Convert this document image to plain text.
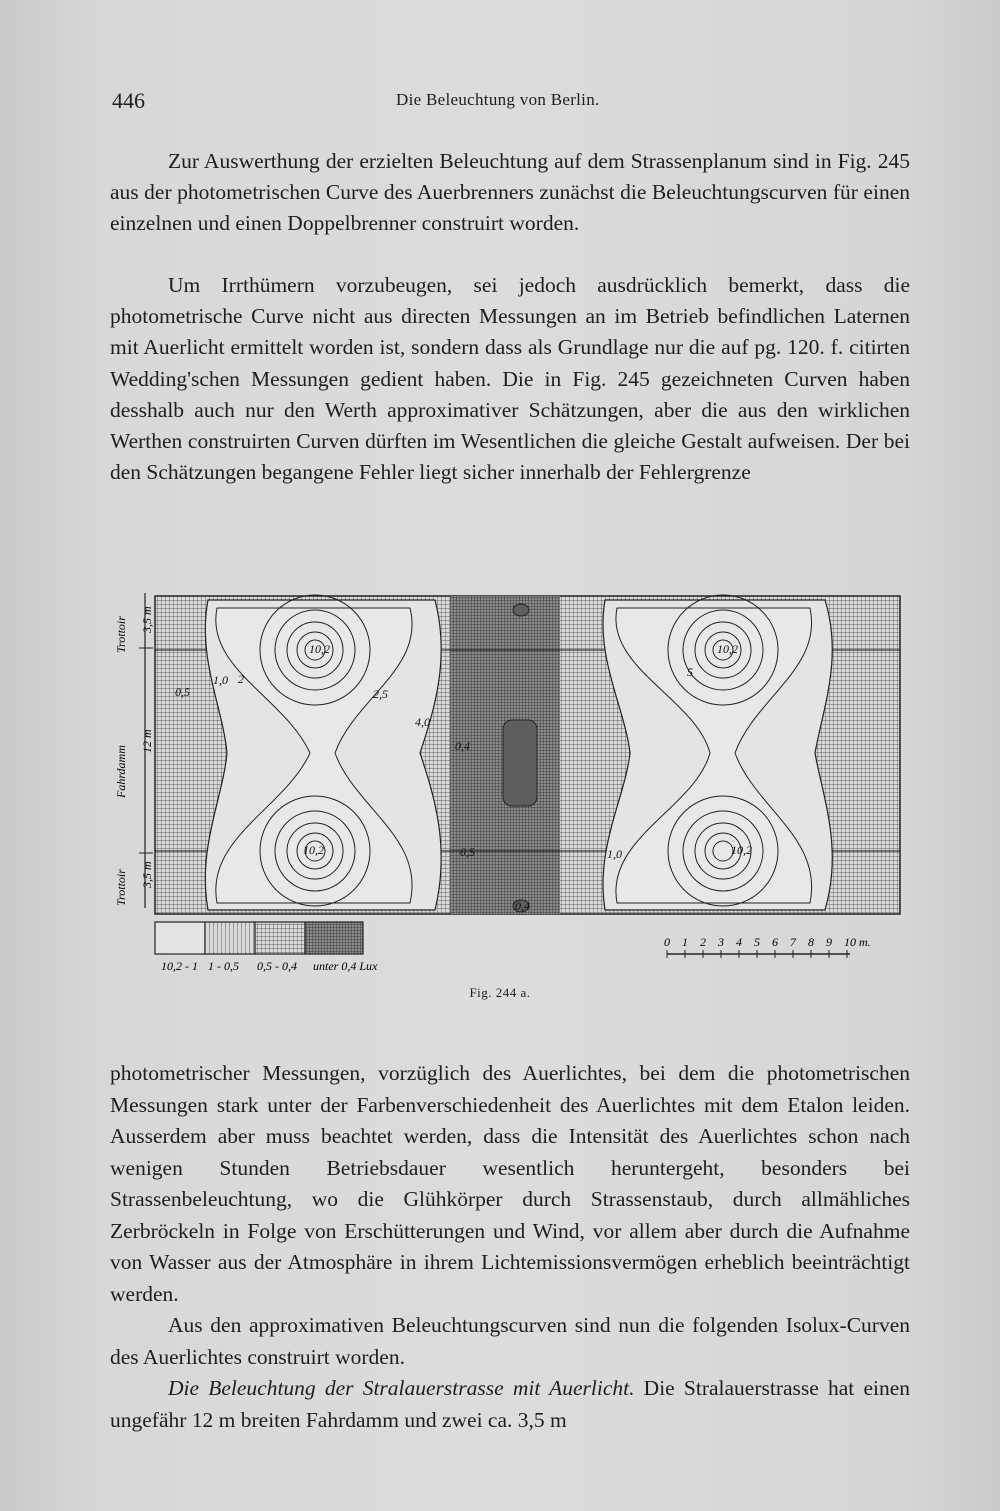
446	Die Beleuchtung von Berlin.
Zur Auswerthung der erzielten Beleuchtung auf dem Strassenplanum sind in Fig. 245 aus der photometrischen Curve des Auerbrenners zunächst die Beleuchtungscurven für einen einzelnen und einen Doppelbrenner construirt worden.
Um Irrthümern vorzubeugen, sei jedoch ausdrücklich bemerkt, dass die photometrische Curve nicht aus directen Messungen an im Betrieb befindlichen Laternen mit Auerlicht ermittelt worden ist, sondern dass als Grundlage nur die auf pg. 120. f. citirten Wedding'schen Messungen gedient haben. Die in Fig. 245 gezeichneten Curven haben desshalb auch nur den Werth approximativer Schätzungen, aber die aus den wirklichen Werthen construirten Curven dürften im Wesentlichen die gleiche Gestalt aufweisen. Der bei den Schätzungen begangene Fehler liegt sicher innerhalb der Fehlergrenze
Trottoir
Fahrdamm
Trottoir
3,5 m
12 m
3,5 m
10,2
10,2
10,2
10,2
0,5
1,0 2
2,5
5
0,4
4,0
0,5
0,4
1,0
10,2 - 1 1 - 0,5 0,5 - 0,4 unter 0,4 Lux
0 1 2 3 4 5 6 7 8 9 10 m.
Fig. 244 a.
photometrischer Messungen, vorzüglich des Auerlichtes, bei dem die photometrischen Messungen stark unter der Farbenverschiedenheit des Auerlichtes mit dem Etalon leiden. Ausserdem aber muss beachtet werden, dass die Intensität des Auerlichtes schon nach wenigen Stunden Betriebsdauer wesentlich heruntergeht, besonders bei Strassenbeleuchtung, wo die Glühkörper durch Strassenstaub, durch allmähliches Zerbröckeln in Folge von Erschütterungen und Wind, vor allem aber durch die Aufnahme von Wasser aus der Atmosphäre in ihrem Lichtemissionsvermögen erheblich beeinträchtigt werden.
Aus den approximativen Beleuchtungscurven sind nun die folgenden Isolux-Curven des Auerlichtes construirt worden.
Die Beleuchtung der Stralauerstrasse mit Auerlicht. Die Stralauerstrasse hat einen ungefähr 12 m breiten Fahrdamm und zwei ca. 3,5 m
